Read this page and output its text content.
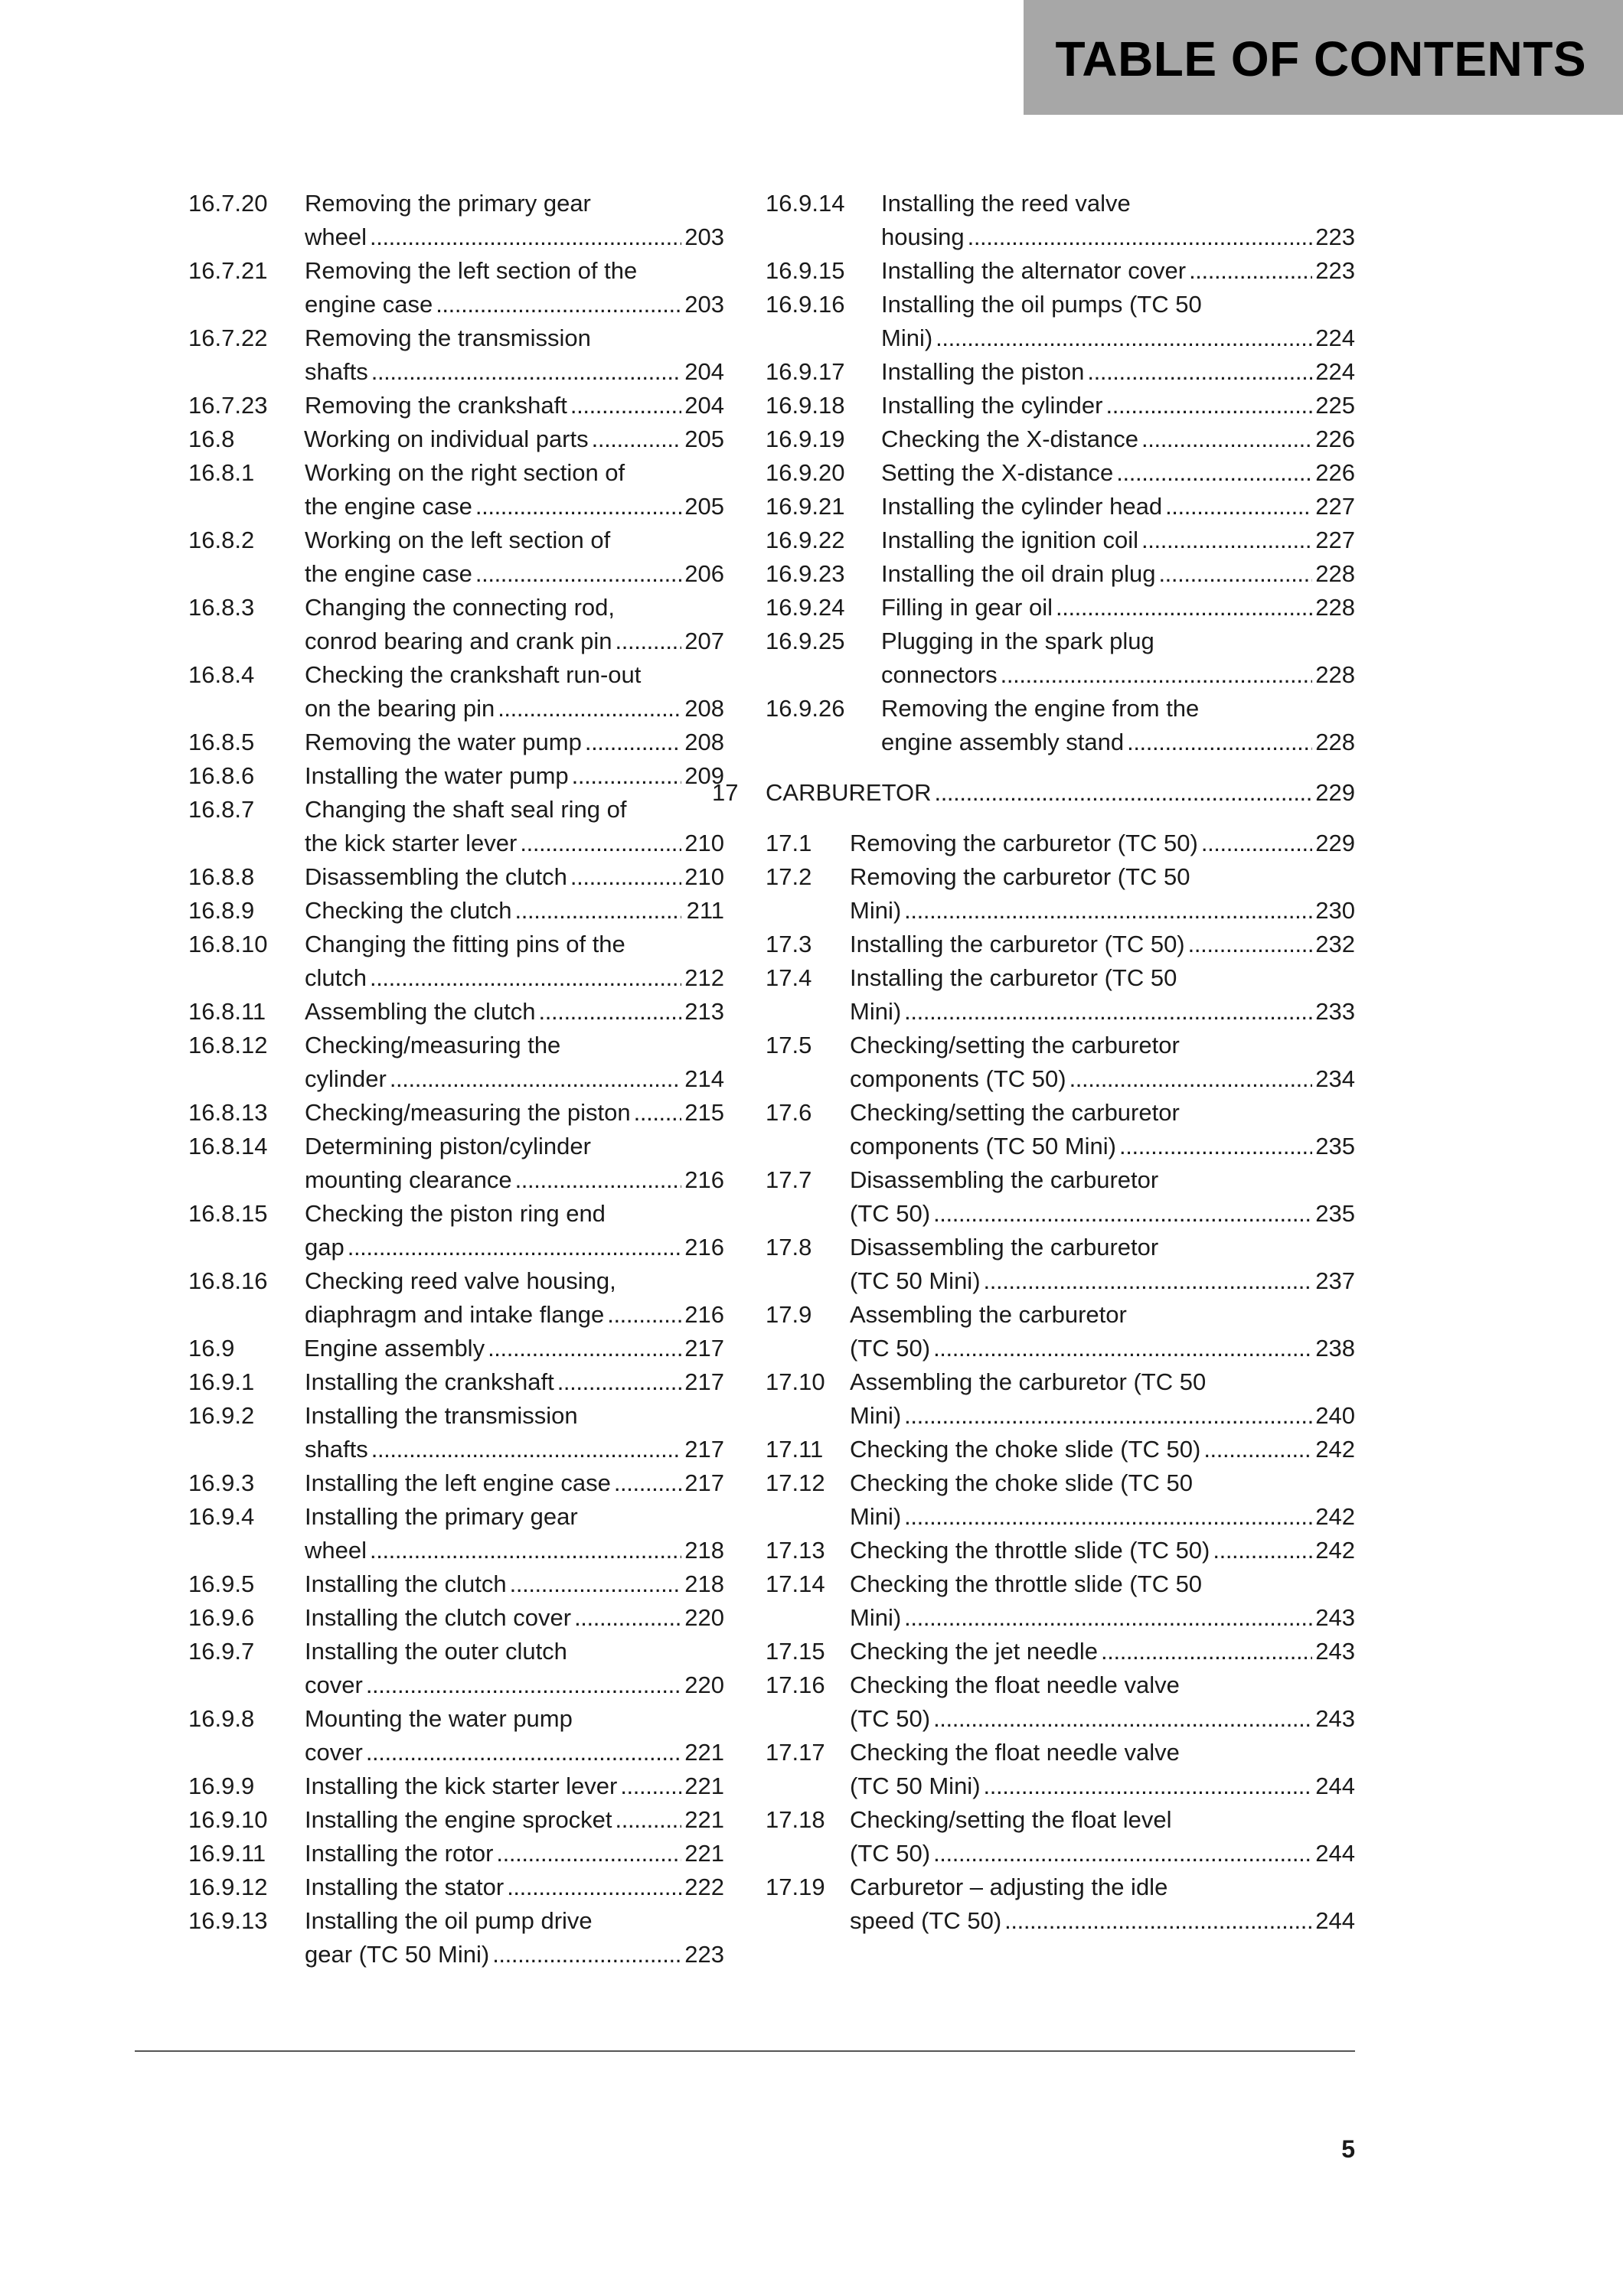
TABLE OF CONTENTS
16.7.20	Removing the primary gear
wheel . . .	203
16.7.21	Removing the left section of the
engine case . . .	203
16.7.22	Removing the transmission
shafts . . .	204
16.7.23	Removing the crankshaft . . .	204
16.8	Working on individual parts . . .	205
16.8.1	Working on the right section of
the engine case . . .	205
16.8.2	Working on the left section of
the engine case . . .	206
16.8.3	Changing the connecting rod,
conrod bearing and crank pin . . .	207
16.8.4	Checking the crankshaft run-out
on the bearing pin . . .	208
16.8.5	Removing the water pump . . .	208
16.8.6	Installing the water pump . . .	209
16.8.7	Changing the shaft seal ring of
the kick starter lever . . .	210
16.8.8	Disassembling the clutch . . .	210
16.8.9	Checking the clutch . . .	211
16.8.10	Changing the fitting pins of the
clutch . . .	212
16.8.11	Assembling the clutch . . .	213
16.8.12	Checking/measuring the
cylinder . . .	214
16.8.13	Checking/measuring the piston . . . 215
16.8.14	Determining piston/cylinder
mounting clearance . . .	216
16.8.15	Checking the piston ring end
gap . . .	216
16.8.16	Checking reed valve housing,
diaphragm and intake flange . . .	216
16.9	Engine assembly . . .	217
16.9.1	Installing the crankshaft . . .	217
16.9.2	Installing the transmission
shafts . . .	217
16.9.3	Installing the left engine case . . .	217
16.9.4	Installing the primary gear
wheel . . .	218
16.9.5	Installing the clutch . . .	218
16.9.6	Installing the clutch cover . . .	220
16.9.7	Installing the outer clutch
cover . . .	220
16.9.8	Mounting the water pump
cover . . .	221
16.9.9	Installing the kick starter lever . . .	221
16.9.10	Installing the engine sprocket . . .	221
16.9.11	Installing the rotor . . .	221
16.9.12	Installing the stator . . .	222
16.9.13	Installing the oil pump drive
gear (TC 50 Mini) . . .	223
16.9.14	Installing the reed valve
housing . . .	223
16.9.15	Installing the alternator cover . . .	223
16.9.16	Installing the oil pumps (TC 50
Mini) . . .	224
16.9.17	Installing the piston . . .	224
16.9.18	Installing the cylinder . . .	225
16.9.19	Checking the X-distance . . .	226
16.9.20	Setting the X-distance . . .	226
16.9.21	Installing the cylinder head . . .	227
16.9.22	Installing the ignition coil . . .	227
16.9.23	Installing the oil drain plug . . .	228
16.9.24	Filling in gear oil . . .	228
16.9.25	Plugging in the spark plug
connectors . . .	228
16.9.26	Removing the engine from the
engine assembly stand . . .	228
17 CARBURETOR . . .	229
17.1	Removing the carburetor (TC 50) . . .	229
17.2	Removing the carburetor (TC 50
Mini) . . .	230
17.3	Installing the carburetor (TC 50) . . .	232
17.4	Installing the carburetor (TC 50
Mini) . . .	233
17.5	Checking/setting the carburetor
components (TC 50) . . .	234
17.6	Checking/setting the carburetor
components (TC 50 Mini) . . .	235
17.7	Disassembling the carburetor
(TC 50) . . .	235
17.8	Disassembling the carburetor
(TC 50 Mini) . . .	237
17.9	Assembling the carburetor
(TC 50) . . .	238
17.10	Assembling the carburetor (TC 50
Mini) . . .	240
17.11	Checking the choke slide (TC 50) . . .	242
17.12	Checking the choke slide (TC 50
Mini) . . .	242
17.13	Checking the throttle slide (TC 50) . . .	242
17.14	Checking the throttle slide (TC 50
Mini) . . .	243
17.15	Checking the jet needle . . .	243
17.16	Checking the float needle valve
(TC 50) . . .	243
17.17	Checking the float needle valve
(TC 50 Mini) . . .	244
17.18	Checking/setting the float level
(TC 50) . . .	244
17.19	Carburetor – adjusting the idle
speed (TC 50) . . .	244
5
